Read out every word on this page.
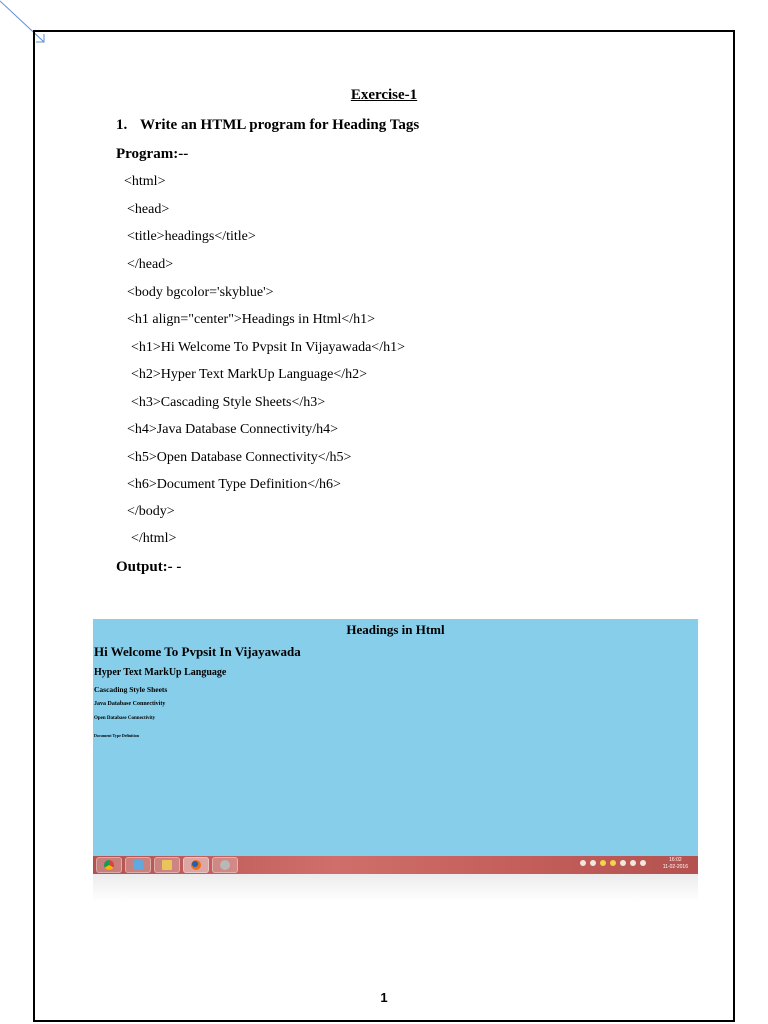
Exercise-1
1. Write an HTML program for Heading Tags
Program:--
<html>
<head>
<title>headings</title>
</head>
<body bgcolor='skyblue'>
<h1 align="center">Headings in Html</h1>
<h1>Hi Welcome To Pvpsit In Vijayawada</h1>
<h2>Hyper Text MarkUp Language</h2>
<h3>Cascading Style Sheets</h3>
<h4>Java Database Connectivity/h4>
<h5>Open Database Connectivity</h5>
<h6>Document Type Definition</h6>
</body>
</html>
Output:- -
Headings in Html
Hi Welcome To Pvpsit In Vijayawada
Hyper Text MarkUp Language
Cascading Style Sheets
Java Database Connectivity
Open Database Connectivity
Document Type Definition
16:02
11-02-2016
1
